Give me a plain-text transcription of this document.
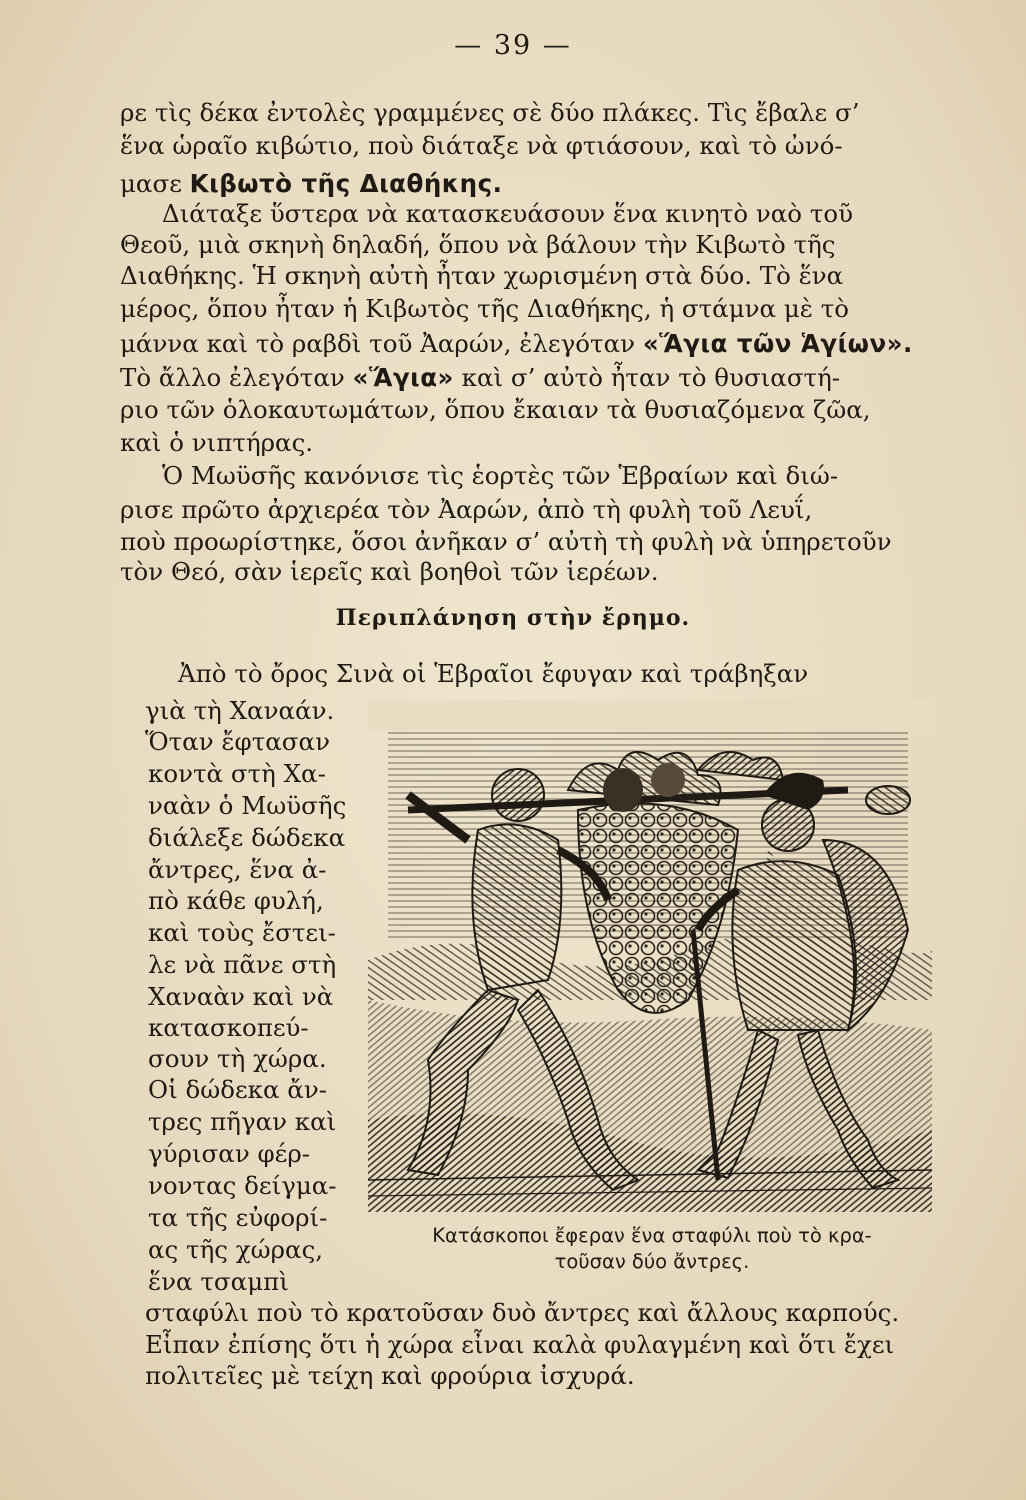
— 39 —
ρε τὶς δέκα ἐντολὲς γραμμένες σὲ δύο πλάκες. Τὶς ἔβαλε σ’
ἕνα ὡραῖο κιβώτιο, ποὺ διάταξε νὰ φτιάσουν, καὶ τὸ ὠνό-
μασε Κιβωτὸ τῆς Διαθήκης.
Διάταξε ὕστερα νὰ κατασκευάσουν ἕνα κινητὸ ναὸ τοῦ
Θεοῦ, μιὰ σκηνὴ δηλαδή, ὅπου νὰ βάλουν τὴν Κιβωτὸ τῆς
Διαθήκης. Ἡ σκηνὴ αὐτὴ ἦταν χωρισμένη στὰ δύο. Τὸ ἕνα
μέρος, ὅπου ἦταν ἡ Κιβωτὸς τῆς Διαθήκης, ἡ στάμνα μὲ τὸ
μάννα καὶ τὸ ραβδὶ τοῦ Ἀαρών, ἐλεγόταν «Ἅγια τῶν Ἁγίων».
Τὸ ἄλλο ἐλεγόταν «Ἅγια» καὶ σ’ αὐτὸ ἦταν τὸ θυσιαστή-
ριο τῶν ὁλοκαυτωμάτων, ὅπου ἔκαιαν τὰ θυσιαζόμενα ζῶα,
καὶ ὁ νιπτήρας.
Ὁ Μωϋσῆς κανόνισε τὶς ἑορτὲς τῶν Ἑβραίων καὶ διώ-
ρισε πρῶτο ἀρχιερέα τὸν Ἀαρών, ἀπὸ τὴ φυλὴ τοῦ Λευΐ,
ποὺ προωρίστηκε, ὅσοι ἀνῆκαν σ’ αὐτὴ τὴ φυλὴ νὰ ὑπηρετοῦν
τὸν Θεό, σὰν ἱερεῖς καὶ βοηθοὶ τῶν ἱερέων.
Περιπλάνηση στὴν ἔρημο.
Ἀπὸ τὸ ὄρος Σινὰ οἱ Ἑβραῖοι ἔφυγαν καὶ τράβηξαν
γιὰ τὴ Χαναάν.
Ὅταν ἔφτασαν
κοντὰ στὴ Χα-
ναὰν ὁ Μωϋσῆς
διάλεξε δώδεκα
ἄντρες, ἕνα ἀ-
πὸ κάθε φυλή,
καὶ τοὺς ἔστει-
λε νὰ πᾶνε στὴ
Χαναὰν καὶ νὰ
κατασκοπεύ-
σουν τὴ χώρα.
Οἱ δώδεκα ἄν-
τρες πῆγαν καὶ
γύρισαν φέρ-
νοντας δείγμα-
τα τῆς εὐφορί-
ας τῆς χώρας,
ἕνα τσαμπὶ
Κατάσκοποι ἔφεραν ἕνα σταφύλι ποὺ τὸ κρα-
τοῦσαν δύο ἄντρες.
σταφύλι ποὺ τὸ κρατοῦσαν δυὸ ἄντρες καὶ ἄλλους καρπούς.
Εἶπαν ἐπίσης ὅτι ἡ χώρα εἶναι καλὰ φυλαγμένη καὶ ὅτι ἔχει
πολιτεῖες μὲ τείχη καὶ φρούρια ἰσχυρά.
